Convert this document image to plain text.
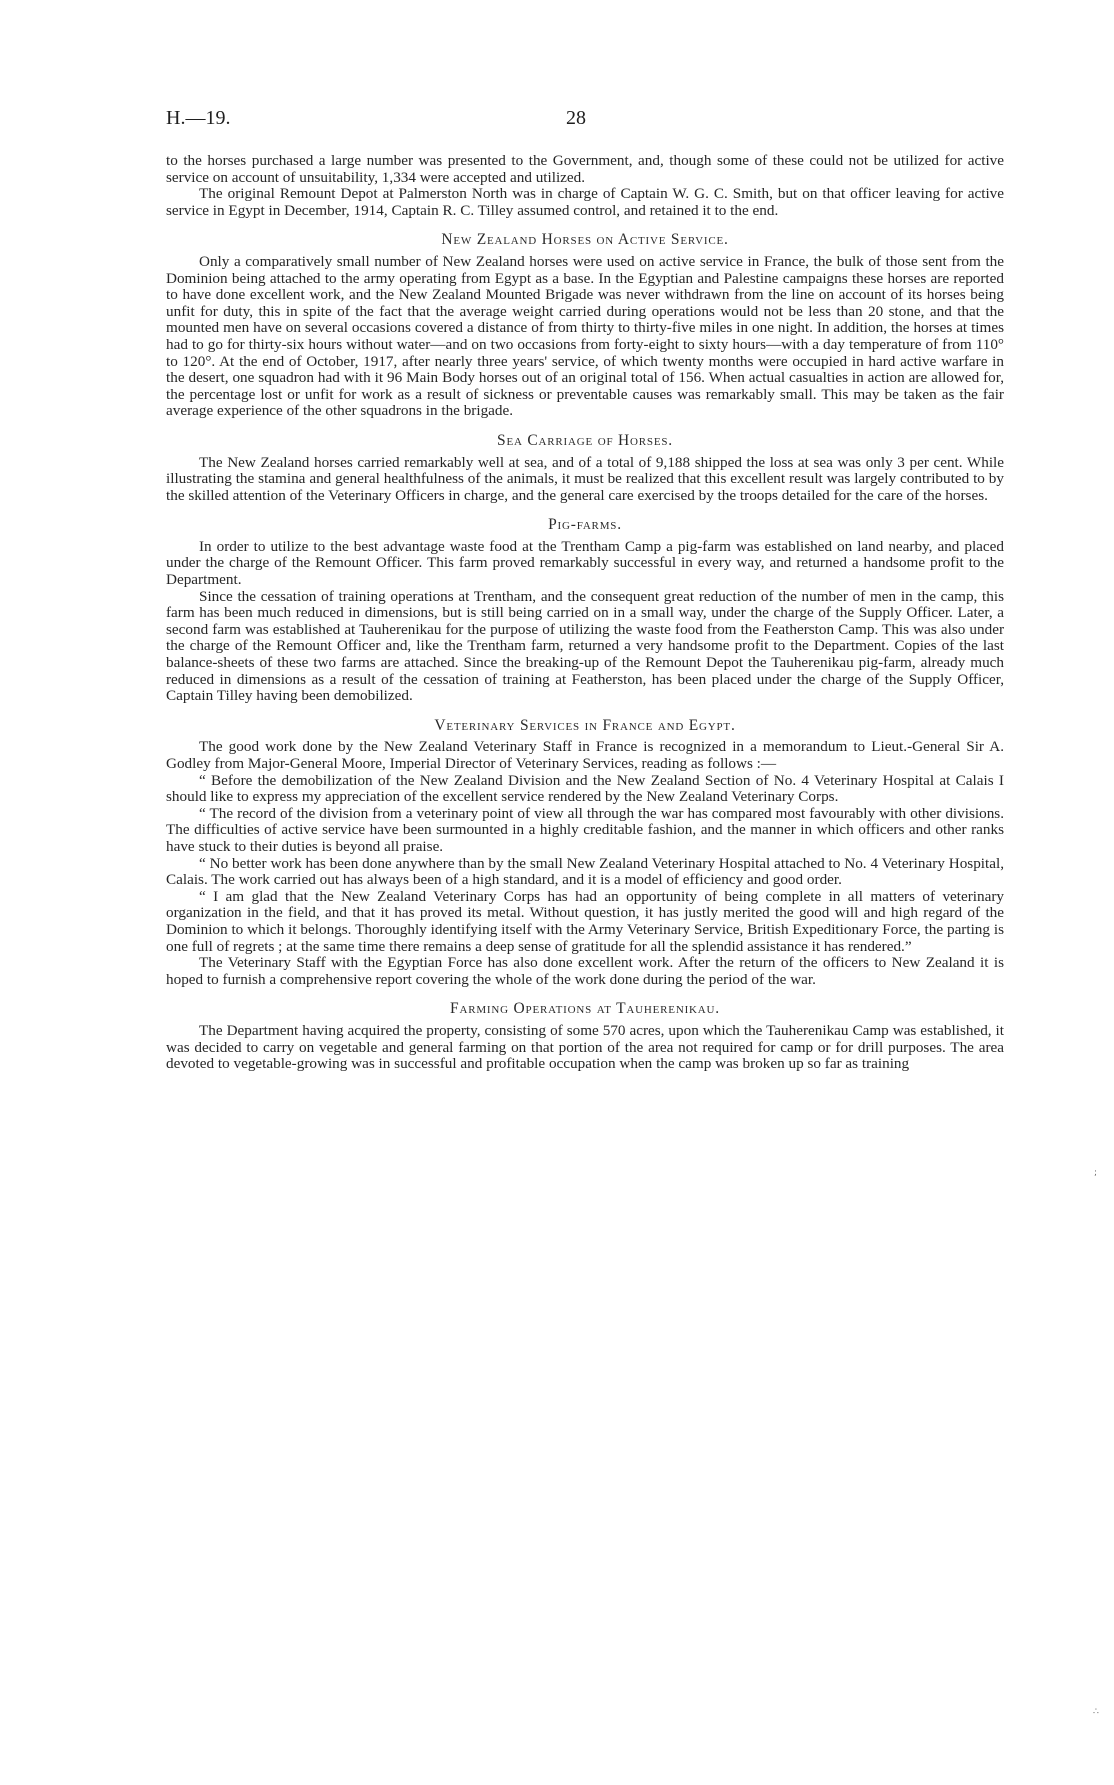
H.—19.	28

to the horses purchased a large number was presented to the Government, and, though some of these could not be utilized for active service on account of unsuitability, 1,334 were accepted and utilized.

The original Remount Depot at Palmerston North was in charge of Captain W. G. C. Smith, but on that officer leaving for active service in Egypt in December, 1914, Captain R. C. Tilley assumed control, and retained it to the end.

New Zealand Horses on Active Service.

Only a comparatively small number of New Zealand horses were used on active service in France, the bulk of those sent from the Dominion being attached to the army operating from Egypt as a base. In the Egyptian and Palestine campaigns these horses are reported to have done excellent work, and the New Zealand Mounted Brigade was never withdrawn from the line on account of its horses being unfit for duty, this in spite of the fact that the average weight carried during operations would not be less than 20 stone, and that the mounted men have on several occasions covered a distance of from thirty to thirty-five miles in one night. In addition, the horses at times had to go for thirty-six hours without water—and on two occasions from forty-eight to sixty hours—with a day temperature of from 110° to 120°. At the end of October, 1917, after nearly three years' service, of which twenty months were occupied in hard active warfare in the desert, one squadron had with it 96 Main Body horses out of an original total of 156. When actual casualties in action are allowed for, the percentage lost or unfit for work as a result of sickness or preventable causes was remarkably small. This may be taken as the fair average experience of the other squadrons in the brigade.

Sea Carriage of Horses.

The New Zealand horses carried remarkably well at sea, and of a total of 9,188 shipped the loss at sea was only 3 per cent. While illustrating the stamina and general healthfulness of the animals, it must be realized that this excellent result was largely contributed to by the skilled attention of the Veterinary Officers in charge, and the general care exercised by the troops detailed for the care of the horses.

Pig-farms.

In order to utilize to the best advantage waste food at the Trentham Camp a pig-farm was established on land nearby, and placed under the charge of the Remount Officer. This farm proved remarkably successful in every way, and returned a handsome profit to the Department.

Since the cessation of training operations at Trentham, and the consequent great reduction of the number of men in the camp, this farm has been much reduced in dimensions, but is still being carried on in a small way, under the charge of the Supply Officer. Later, a second farm was established at Tauherenikau for the purpose of utilizing the waste food from the Featherston Camp. This was also under the charge of the Remount Officer and, like the Trentham farm, returned a very handsome profit to the Department. Copies of the last balance-sheets of these two farms are attached. Since the breaking-up of the Remount Depot the Tauherenikau pig-farm, already much reduced in dimensions as a result of the cessation of training at Featherston, has been placed under the charge of the Supply Officer, Captain Tilley having been demobilized.

Veterinary Services in France and Egypt.

The good work done by the New Zealand Veterinary Staff in France is recognized in a memorandum to Lieut.-General Sir A. Godley from Major-General Moore, Imperial Director of Veterinary Services, reading as follows :—

“ Before the demobilization of the New Zealand Division and the New Zealand Section of No. 4 Veterinary Hospital at Calais I should like to express my appreciation of the excellent service rendered by the New Zealand Veterinary Corps.

“ The record of the division from a veterinary point of view all through the war has compared most favourably with other divisions. The difficulties of active service have been surmounted in a highly creditable fashion, and the manner in which officers and other ranks have stuck to their duties is beyond all praise.

“ No better work has been done anywhere than by the small New Zealand Veterinary Hospital attached to No. 4 Veterinary Hospital, Calais. The work carried out has always been of a high standard, and it is a model of efficiency and good order.

“ I am glad that the New Zealand Veterinary Corps has had an opportunity of being complete in all matters of veterinary organization in the field, and that it has proved its metal. Without question, it has justly merited the good will and high regard of the Dominion to which it belongs. Thoroughly identifying itself with the Army Veterinary Service, British Expeditionary Force, the parting is one full of regrets ; at the same time there remains a deep sense of gratitude for all the splendid assistance it has rendered.”

The Veterinary Staff with the Egyptian Force has also done excellent work. After the return of the officers to New Zealand it is hoped to furnish a comprehensive report covering the whole of the work done during the period of the war.

Farming Operations at Tauherenikau.

The Department having acquired the property, consisting of some 570 acres, upon which the Tauherenikau Camp was established, it was decided to carry on vegetable and general farming on that portion of the area not required for camp or for drill purposes. The area devoted to vegetable-growing was in successful and profitable occupation when the camp was broken up so far as training

;
∴
